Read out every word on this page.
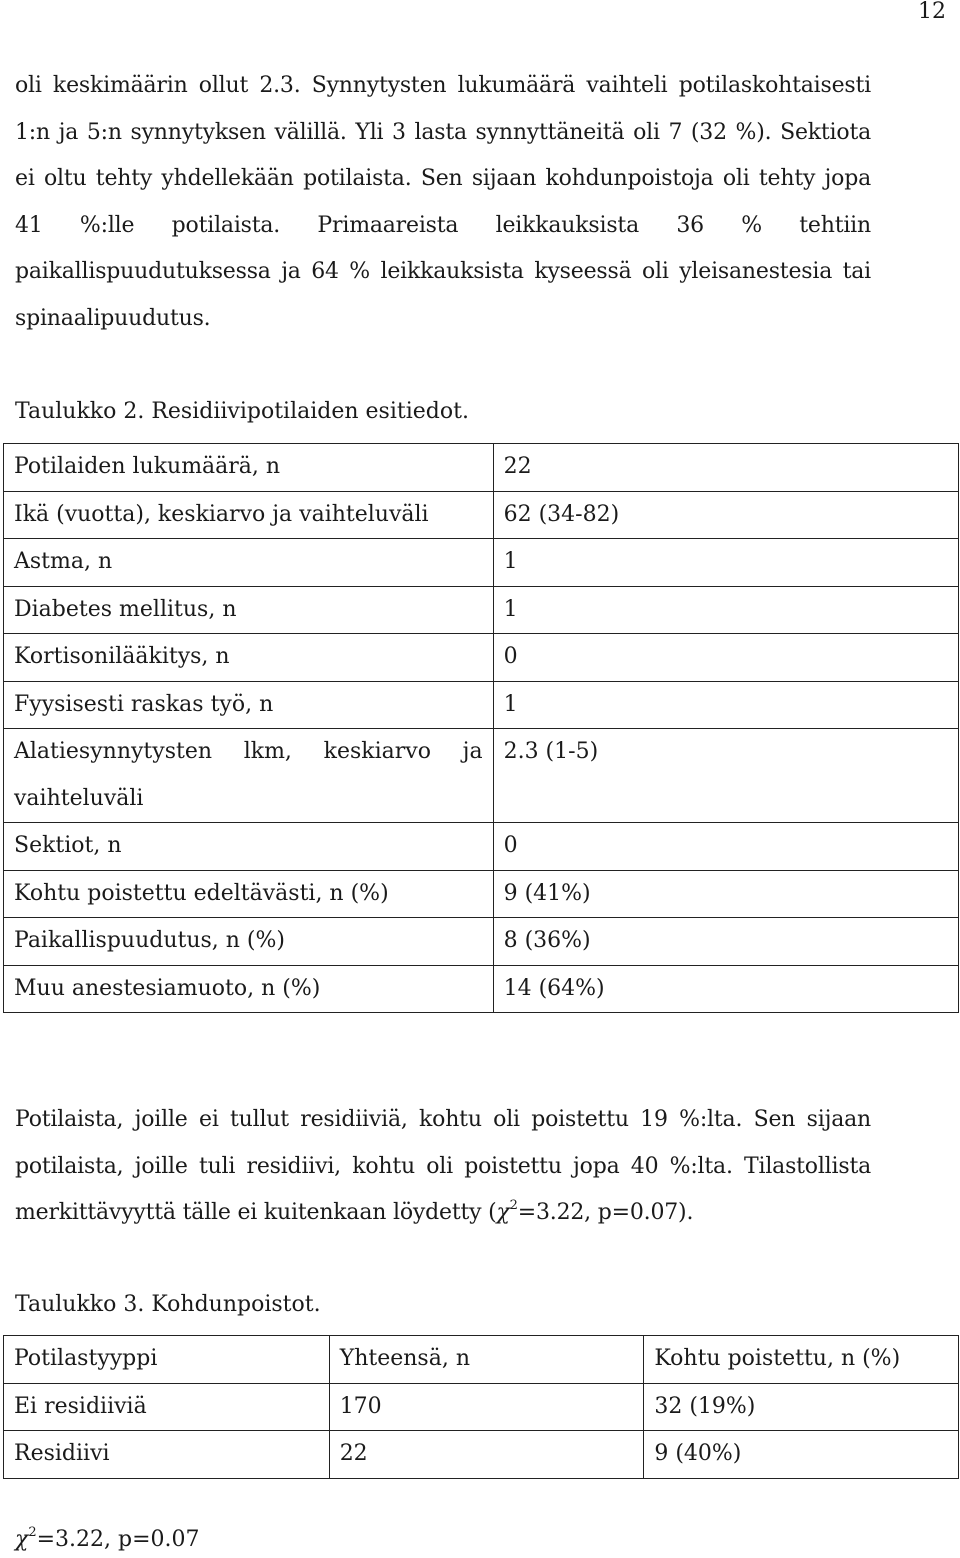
12

oli keskimäärin ollut 2.3. Synnytysten lukumäärä vaihteli potilaskohtaisesti 1:n ja 5:n synnytyksen välillä. Yli 3 lasta synnyttäneitä oli 7 (32 %). Sektiota ei oltu tehty yhdellekään potilaista. Sen sijaan kohdunpoistoja oli tehty jopa 41 %:lle potilaista. Primaareista leikkauksista 36 % tehtiin paikallispuudutuksessa ja 64 % leikkauksista kyseessä oli yleisanestesia tai spinaalipuudutus.

Taulukko 2. Residiivipotilaiden esitiedot.

Potilaiden lukumäärä, n	22
Ikä (vuotta), keskiarvo ja vaihteluväli	62 (34-82)
Astma, n	1
Diabetes mellitus, n	1
Kortisonilääkitys, n	0
Fyysisesti raskas työ, n	1
Alatiesynnytysten lkm, keskiarvo ja vaihteluväli	2.3 (1-5)
Sektiot, n	0
Kohtu poistettu edeltävästi, n (%)	9 (41%)
Paikallispuudutus, n (%)	8 (36%)
Muu anestesiamuoto, n (%)	14 (64%)

Potilaista, joille ei tullut residiiviä, kohtu oli poistettu 19 %:lta. Sen sijaan potilaista, joille tuli residiivi, kohtu oli poistettu jopa 40 %:lta. Tilastollista merkittävyyttä tälle ei kuitenkaan löydetty ($\chi^2=3.22$, p=0.07).

Taulukko 3. Kohdunpoistot.

Potilastyyppi	Yhteensä, n	Kohtu poistettu, n (%)
Ei residiiviä	170	32 (19%)
Residiivi	22	9 (40%)
$\chi^2=3.22$, p=0.07
